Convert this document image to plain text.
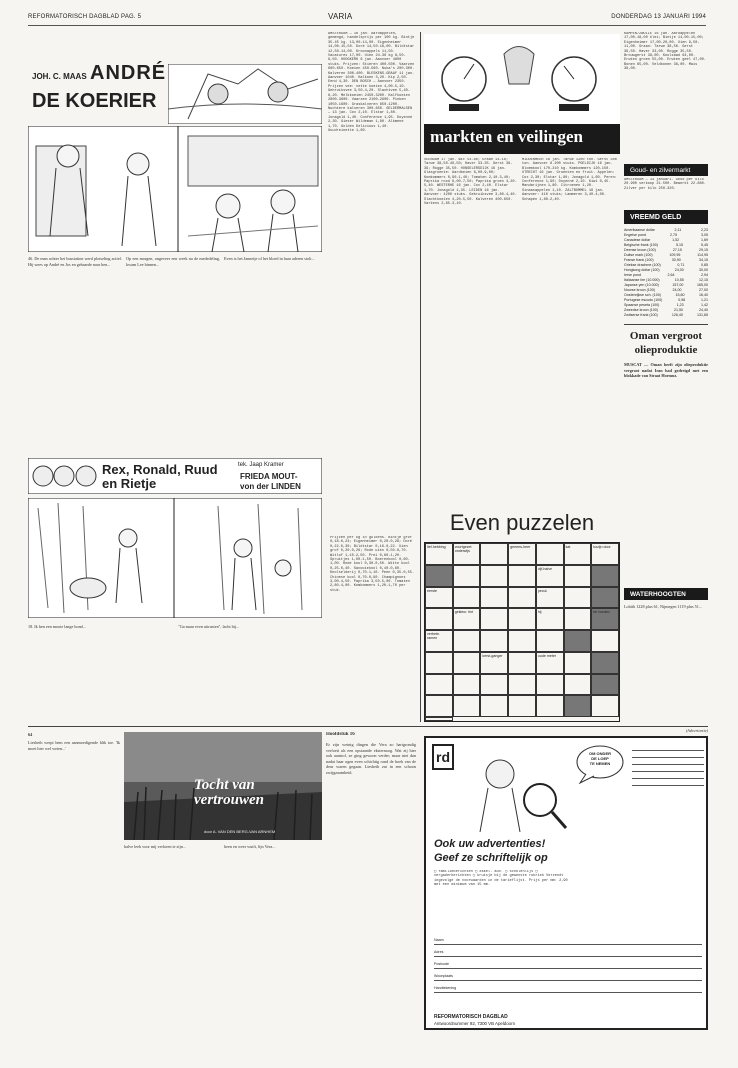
REFORMATORISCH DAGBLAD PAG. 5	VARIA	DONDERDAG 13 JANUARI 1994
JOH. C. MAAS ANDRÉ
DE KOERIER
46. De man achter het busstation werd plotseling actief. Hij wees op André en Jos en gebaarde naar hen...
Op een morgen, ongeveer een week na de mededeling, kwam Lee binnen...
Even is het Jannetje of het bloed in haar aderen stolt...
AMSTERDAM — 16 jan. Aardappelen, gemengd, handelsprijs per 100 kg. Bintje 35-45 kg. 13,00-14,00. Eigenheimer 14,00-15,50. Doré 14,50-16,00. Bildtstar 12,50-14,00. Kroonappels 11,50. Vacatures 17,00. Uien 24-36 kg 8,50-9,50. HOOGKERK 6 jan. Aanvoer 4800 stuks. Prijzen: Stieren 400-500. Vaarzen 600-650. Koeien 450-560. Nuka's 200-300. Kalveren 300-400. BLESKENS-GRAAF 11 jan. Aanvoer 1040. Kalkoen 3,20. Kip 2,50. Eend 4,30. DEN BOSCH — Aanvoer 2350. Prijzen vee: vette koeien 4,00-5,10. Gebruiksvee 3,50-4,20. Slachtvee 5,40-6,20. Melkkoeien 2450-3200. Kalfkoeien 2800-3600. Vaarzen 2100-2900. Pinken 1050-1600. Graskalveren 850-1200. Nuchtere kalveren 300-650. GELDERMALSEN — 13 jan. Cox 2,10. Elstar 1,80. Jonagold 1,40. Conference 1,95. Doyenné 2,30. Gieser Wildeman 1,80. Alkmene 1,70. Golden Delicious 1,40. Goudreinette 1,60.
Prijzen per kg in guldens. Bintje grof 0,18-0,24; Eigenheimer 0,20-0,28; Doré 0,22-0,30; Bildtstar 0,16-0,22. Uien grof 0,20-0,26; Rode uien 0,50-0,70. Witlof 1,10-2,50. Prei 0,80-1,20. Spruitjes 1,00-1,50. Boerenkool 0,60-1,00. Rode kool 0,30-0,50. Witte kool 0,25-0,40. Savooiekool 0,40-0,60. Knolselderij 0,70-1,10. Peen 0,35-0,55. Chinese kool 0,70-0,90. Champignons 3,00-4,50. Paprika 3,50-5,00. Tomaten 2,80-4,00. Komkommers 1,20-1,70 per stuk.
markten en veilingen
VEENDAM 17 jan. Wit 54-60; Graan 14-16; Tarwe 38,50-40,50; Haver 33-35. Gerst 36-39; Rogge 35,50. HONSELERSDIJK 16 jan. Glasgroente: Aardbeien 6,00-9,00; Komkommers 0,90-1,40; Tomaten 2,10-3,40; Paprika rood 6,00-7,50; Paprika groen 4,20-5,40. WESTERHE 16 jan. Cox 2,40. Elstar 1,70. Jonagold 1,35. LEIDEN 16 jan. Aanvoer: 4200 stuks. Gebruiksvee 3,80-4,40. Slachtkoeien 4,20-5,50. Kalveren 400-650. Varkens 2,85-3,10.
MIDDENMEER 16 jan. Tarwe 1200 ton. Gerst 300 ton. Aanvoer 8.200 stuks. POELDIJK 16 jan. Bloemkool 170-210 kg. Komkommers 120-150. UTRECHT 16 jan. Groenten en fruit. Appelen: Cox 2,30; Elstar 1,80; Jonagold 1,60. Peren: Conference 1,90; Doyenné 2,10. Kiwi 0,45. Mandarijnen 1,80. Citroenen 1,20. Sinaasappelen 1,10. ZALTBOMMEL 16 jan. Aanvoer: 410 stuks; Lammeren 3,40-4,00. Schapen 1,80-2,40.
KAMPEN/ZWOLLE 16 jan. Aardappelen 17,00-18,00 klei; Bintje 14,00-15,00; Eigenheimer 17,00-20,00. Uien 9,50-11,00. Graan: Tarwe 38,50. Gerst 36,50. Haver 33,00. Rogge 35,50. Brouwgerst 39,00. Koolzaad 64,00. Erwten groen 55,00. Erwten geel 47,00. Bonen 65,00. Veldbonen 36,00. Maïs 38,00.
Goud- en zilvermarkt
AMSTERDAM — 13 januari. Goud per kilo 20.900 verkoop 21.500. Bewerkt 22.880. Zilver per kilo 250-320.
VREEMD GELD
Amerikaanse dollar	2,11	2,23
Engelse pond	2,75	3,05
Canadese dollar	1,52	1,69
Belgische frank (100)	5,15	5,45
Deense kroon (100)	27,15	29,15
Duitse mark (100)	109,95	114,95
Franse frank (100)	30,90	34,15
Griekse drachme (100)	0,71	0,85
Hongkong dollar (100)	24,00	30,00
Ierse pond	2,64	2,94
Italiaanse lire (10.000)	10,55	12,15
Japanse yen (10.000)	157,00	165,00
Noorse kroon (100)	24,00	27,00
Oostenrijkse sch. (100)	15,60	16,40
Portugese escudo (100)	0,98	1,21
Spaanse peseta (100)	1,23	1,42
Zweedse kroon (100)	21,50	24,40
Zwitserse frank (100)	126,40	131,65
Oman vergroot
olieproduktie
MUSCAT — Oman heeft zijn olieproduktie vergroot nadat Iran had gedreigd met een blokkade van Straat Hormuz.
WATERHOOGTEN
Lobith 1228 plus 61, Nijmegen 1119 plus 51...
Rex, Ronald, Ruud
en Rietje
tek. Jaap Kramer
FRIEDA MOUT-
von der LINDEN
18. Ik ben een mooie lange hond...	"Ga maar even uitrusten", lacht hij...
Even puzzelen
lief-hebbing	voortgezet onderwijs
genees-heer	kat	kozijn door
vijf-halve
eerste	pecul.
gekleur. tint	hij	ter borden
verbete. ramen
kerst-ganger	oude meter
(Advertentie)
64
Liesbeth werpt hem een aanmoedigende blik toe. 'Ik moet hier wel weten...'
Tocht van vertrouwen
door A. VAN DEN BERG-VAN ARNHEM
halve leek voor mij verloren te zijn...	heen en weer wuift, lijn Vera...
Hoofdstuk 16
Er zijn weinig dingen die Vera zo hartgrondig verfoeit als een opstaande eksternoog. Wat zij hier ook aantrof, ze ging gewoon verder; maar niet dan nadat haar ogen even schichtig rond de hoek van de deur waren gegaan. Liesbeth zat in een schoon zwijgzaamheid.
rd	OM ONDER
DE LOEP
TE NEMEN
Ook uw advertenties!
Geef ze schriftelijk op
▢ familieberichten ▢ zakel. adv. ▢ scholenlijs ▢ vergaderberichten ▢ kruisje bij de gewenste rubriek Verzendt ingevolge de voorwaarden in de tarieflijst. Prijs per mm: 2,90 met een minimum van 15 mm.
Naam
Adres
Postcode
Woonplaats
Handtekening
REFORMATORISCH DAGBLAD
Antwoordnummer 92, 7300 VB Apeldoorn
